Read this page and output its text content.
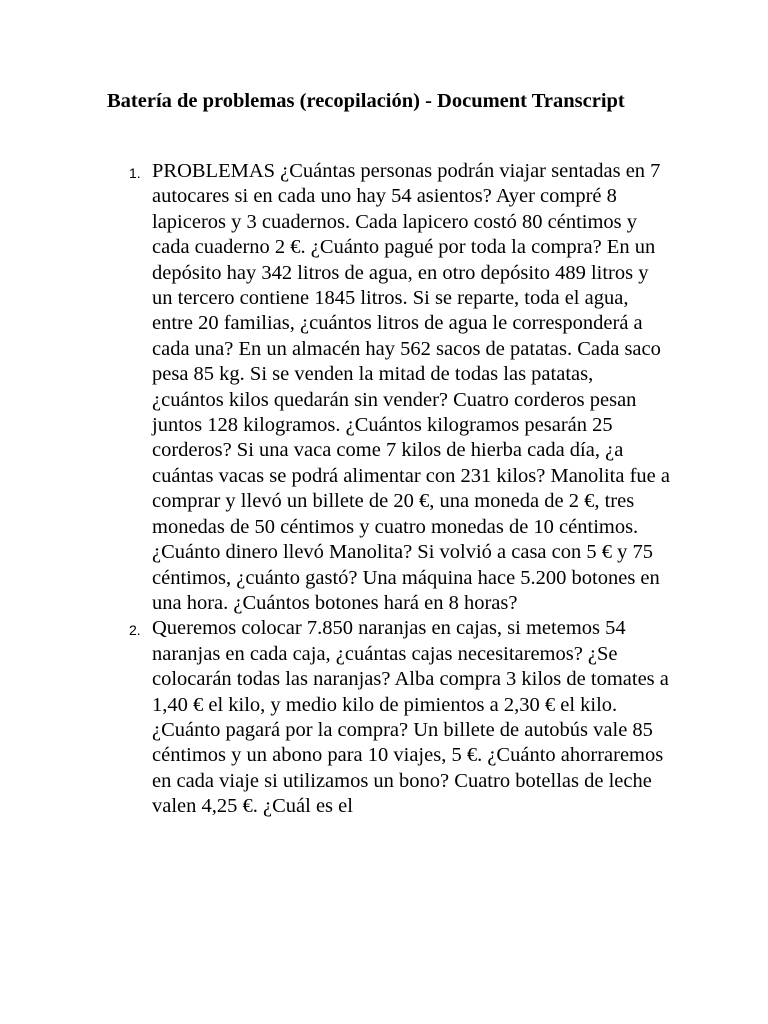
Batería de problemas (recopilación) - Document Transcript
1. PROBLEMAS ¿Cuántas personas podrán viajar sentadas en 7 autocares si en cada uno hay 54 asientos? Ayer compré 8 lapiceros y 3 cuadernos. Cada lapicero costó 80 céntimos y cada cuaderno 2 €. ¿Cuánto pagué por toda la compra? En un depósito hay 342 litros de agua, en otro depósito 489 litros y un tercero contiene 1845 litros. Si se reparte, toda el agua, entre 20 familias, ¿cuántos litros de agua le corresponderá a cada una? En un almacén hay 562 sacos de patatas. Cada saco pesa 85 kg. Si se venden la mitad de todas las patatas, ¿cuántos kilos quedarán sin vender? Cuatro corderos pesan juntos 128 kilogramos. ¿Cuántos kilogramos pesarán 25 corderos? Si una vaca come 7 kilos de hierba cada día, ¿a cuántas vacas se podrá alimentar con 231 kilos? Manolita fue a comprar y llevó un billete de 20 €, una moneda de 2 €, tres monedas de 50 céntimos y cuatro monedas de 10 céntimos. ¿Cuánto dinero llevó Manolita? Si volvió a casa con 5 € y 75 céntimos, ¿cuánto gastó? Una máquina hace 5.200 botones en una hora. ¿Cuántos botones hará en 8 horas?
2. Queremos colocar 7.850 naranjas en cajas, si metemos 54 naranjas en cada caja, ¿cuántas cajas necesitaremos? ¿Se colocarán todas las naranjas? Alba compra 3 kilos de tomates a 1,40 € el kilo, y medio kilo de pimientos a 2,30 € el kilo. ¿Cuánto pagará por la compra? Un billete de autobús vale 85 céntimos y un abono para 10 viajes, 5 €. ¿Cuánto ahorraremos en cada viaje si utilizamos un bono? Cuatro botellas de leche valen 4,25 €. ¿Cuál es el
